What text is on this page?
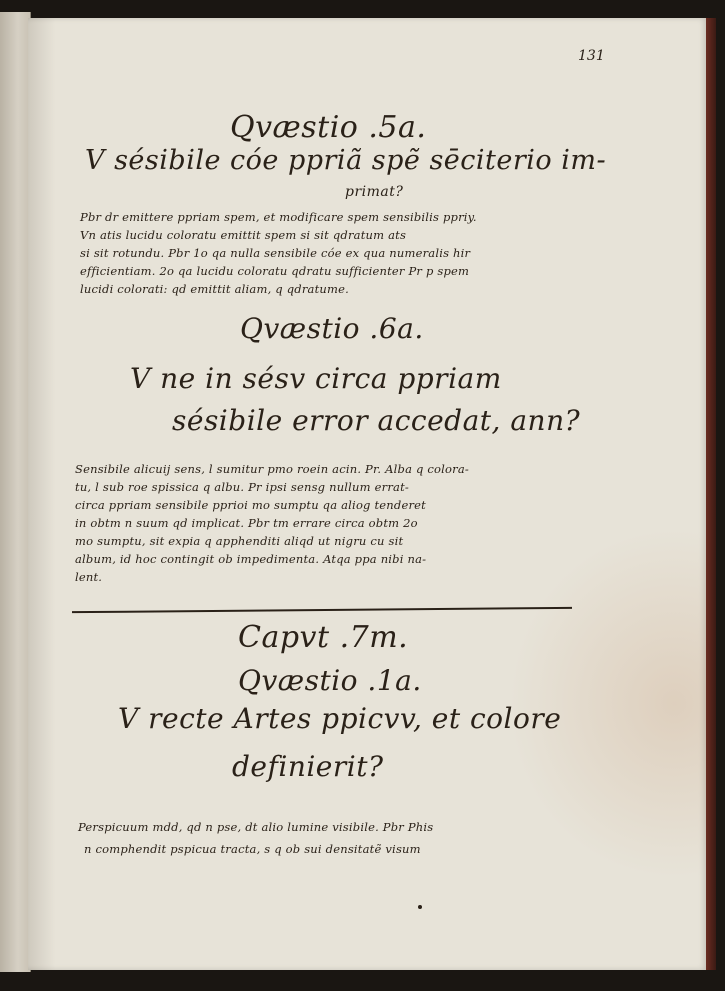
131
Qvæstio .5a.
V sésibile cóe ppriã spẽ sēciterio im-
primat?
Pbr dr emittere ppriam spem, et modificare spem sensibilis ppriy.
Vn atis lucidu coloratu emittit spem si sit qdratum ats
si sit rotundu. Pbr 1o qa nulla sensibile cóe ex qua numeralis hir
efficientiam. 2o qa lucidu coloratu qdratu sufficienter Pr p spem
lucidi colorati: qd emittit aliam, q qdratume.
Qvæstio .6a.
V ne in sésv circa ppriam
sésibile error accedat, ann?
Sensibile alicuij sens, l sumitur pmo roein acin. Pr. Alba q colora-
tu, l sub roe spissica q albu. Pr ipsi sensg nullum errat-
circa ppriam sensibile pprioi mo sumptu qa aliog tenderet
in obtm n suum qd implicat. Pbr tm errare circa obtm 2o
mo sumptu, sit expia q apphenditi aliqd ut nigru cu sit
album, id hoc contingit ob impedimenta. Atqa ppa nibi na-
lent.
Capvt .7m.
Qvæstio .1a.
V recte Artes ppicvv, et colore
definierit?
Perspicuum mdd, qd n pse, dt alio lumine visibile. Pbr Phis
n comphendit pspicua tracta, s q ob sui densitatẽ visum
